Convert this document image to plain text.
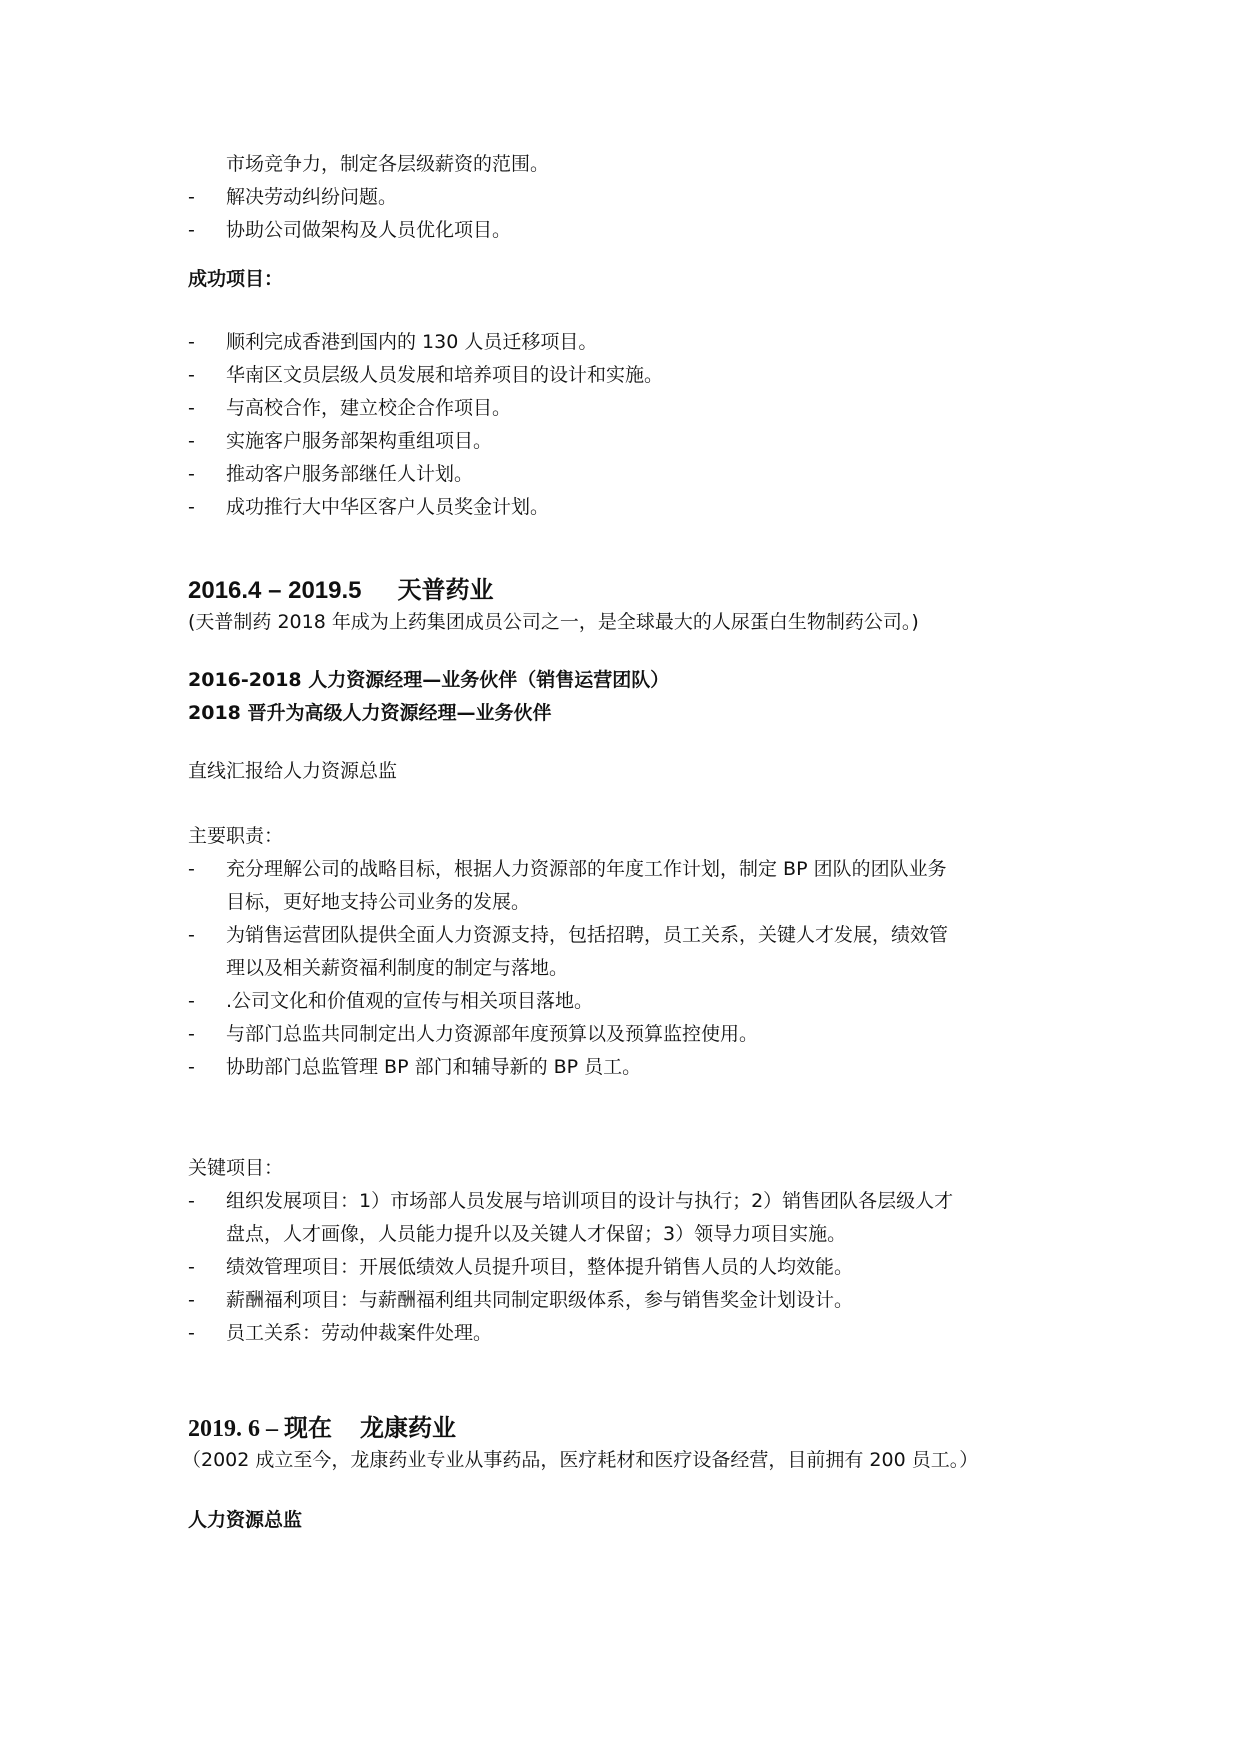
市场竞争力，制定各层级薪资的范围。
- 解决劳动纠纷问题。
- 协助公司做架构及人员优化项目。
成功项目：
- 顺利完成香港到国内的 130 人员迁移项目。
- 华南区文员层级人员发展和培养项目的设计和实施。
- 与高校合作，建立校企合作项目。
- 实施客户服务部架构重组项目。
- 推动客户服务部继任人计划。
- 成功推行大中华区客户人员奖金计划。
2016.4 – 2019.5 天普药业
(天普制药 2018 年成为上药集团成员公司之一，是全球最大的人尿蛋白生物制药公司。)
2016-2018 人力资源经理—业务伙伴（销售运营团队）
2018 晋升为高级人力资源经理—业务伙伴
直线汇报给人力资源总监
主要职责：
- 充分理解公司的战略目标，根据人力资源部的年度工作计划，制定 BP 团队的团队业务
目标，更好地支持公司业务的发展。
- 为销售运营团队提供全面人力资源支持，包括招聘，员工关系，关键人才发展，绩效管
理以及相关薪资福利制度的制定与落地。
- .公司文化和价值观的宣传与相关项目落地。
- 与部门总监共同制定出人力资源部年度预算以及预算监控使用。
- 协助部门总监管理 BP 部门和辅导新的 BP 员工。
关键项目：
- 组织发展项目：1）市场部人员发展与培训项目的设计与执行；2）销售团队各层级人才
盘点，人才画像，人员能力提升以及关键人才保留；3）领导力项目实施。
- 绩效管理项目：开展低绩效人员提升项目，整体提升销售人员的人均效能。
- 薪酬福利项目：与薪酬福利组共同制定职级体系，参与销售奖金计划设计。
- 员工关系：劳动仲裁案件处理。
2019. 6 – 现在 龙康药业
（2002 成立至今，龙康药业专业从事药品，医疗耗材和医疗设备经营，目前拥有 200 员工。）
人力资源总监
